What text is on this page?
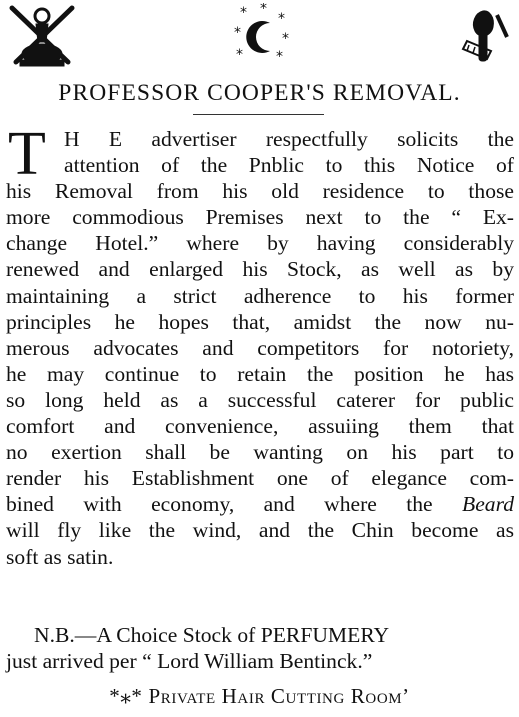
* *
*
*	*
* *
PROFESSOR COOPER'S REMOVAL.
T H E advertiser respectfully solicits the
attention of the Pnblic to this Notice of
his Removal from his old residence to those
more commodious Premises next to the “ Ex-
change Hotel.” where by having considerably
renewed and enlarged his Stock, as well as by
maintaining a strict adherence to his former
principles he hopes that, amidst the now nu-
merous advocates and competitors for notoriety,
he may continue to retain the position he has
so long held as a successful caterer for public
comfort and convenience, assuiing them that
no exertion shall be wanting on his part to
render his Establishment one of elegance com-
bined with economy, and where the Beard
will fly like the wind, and the Chin become as
soft as satin.
N.B.—A Choice Stock of PERFUMERY
just arrived per “ Lord William Bentinck.”
*⁎* Private Hair Cutting Room’
